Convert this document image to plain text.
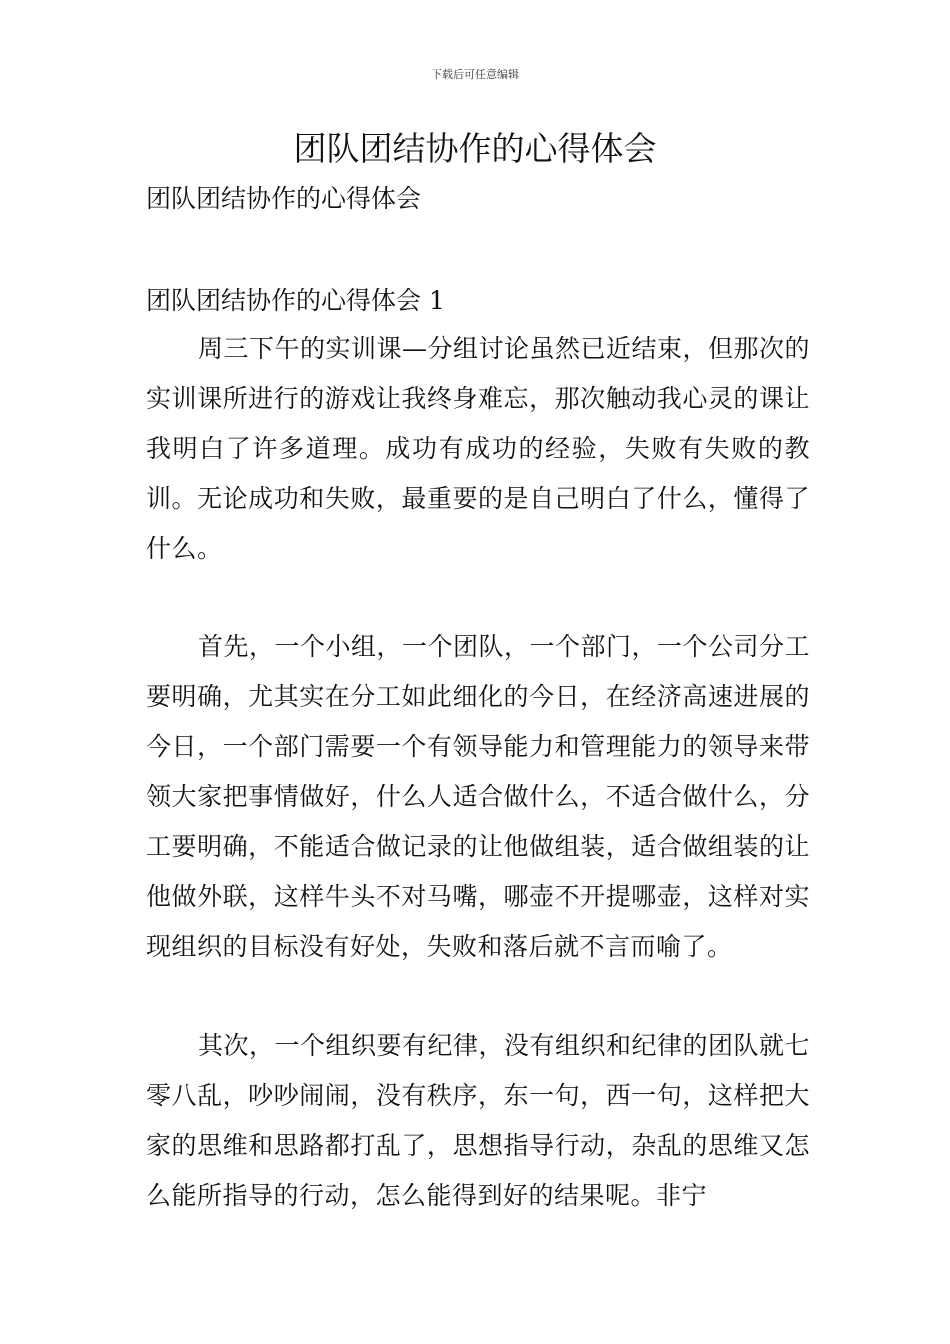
下载后可任意编辑
团队团结协作的心得体会

团队团结协作的心得体会

团队团结协作的心得体会 1

周三下午的实训课—分组讨论虽然已近结束，但那次的实训课所进行的游戏让我终身难忘，那次触动我心灵的课让我明白了许多道理。成功有成功的经验，失败有失败的教训。无论成功和失败，最重要的是自己明白了什么，懂得了什么。

首先，一个小组，一个团队，一个部门，一个公司分工要明确，尤其实在分工如此细化的今日，在经济高速进展的今日，一个部门需要一个有领导能力和管理能力的领导来带领大家把事情做好，什么人适合做什么，不适合做什么，分工要明确，不能适合做记录的让他做组装，适合做组装的让他做外联，这样牛头不对马嘴，哪壶不开提哪壶，这样对实现组织的目标没有好处，失败和落后就不言而喻了。

其次，一个组织要有纪律，没有组织和纪律的团队就七零八乱，吵吵闹闹，没有秩序，东一句，西一句，这样把大家的思维和思路都打乱了，思想指导行动，杂乱的思维又怎么能所指导的行动，怎么能得到好的结果呢。非宁
